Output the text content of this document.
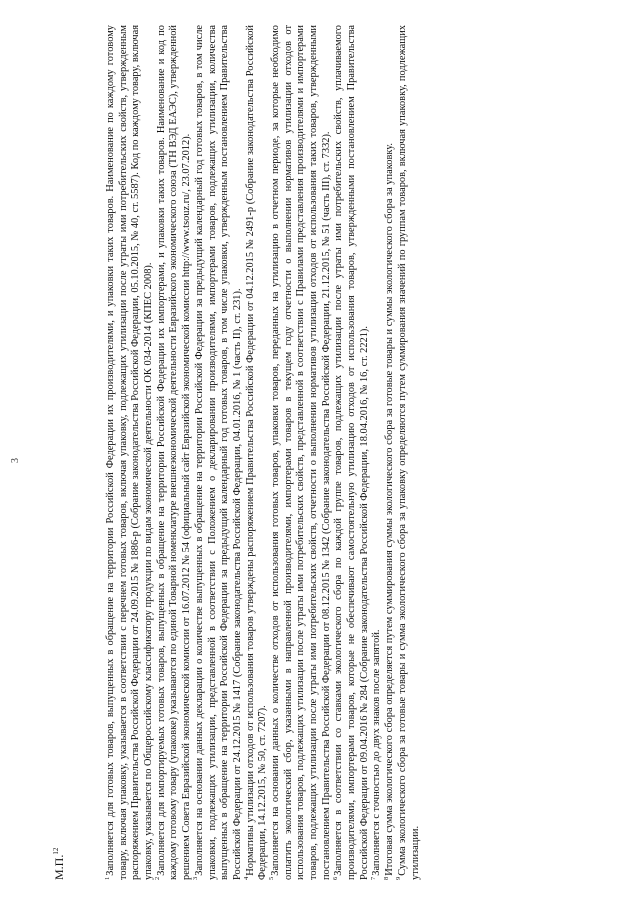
3
М.П.$^{12}$

$^1$Заполняется для готовых товаров, выпущенных в обращение на территории Российской Федерации их производителями, и упаковки таких товаров. Наименование по каждому готовому товару, включая упаковку, указывается в соответствии с перечнем готовых товаров, включая упаковку, подлежащих утилизации после утраты ими потребительских свойств, утвержденным распоряжением Правительства Российской Федерации от 24.09.2015 № 1886-р (Собрание законодательства Российской Федерации, 05.10.2015, № 40, ст. 5587). Код по каждому товару, включая упаковку, указывается по Общероссийскому классификатору продукции по видам экономической деятельности ОК 034-2014 (КПЕС 2008). $^2$Заполняется для импортируемых готовых товаров, выпущенных в обращение на территории Российской Федерации их импортерами, и упаковки таких товаров. Наименование и код по каждому готовому товару (упаковке) указываются по единой Товарной номенклатуре внешнеэкономической деятельности Евразийского экономического союза (ТН ВЭД ЕАЭС), утвержденной решением Совета Евразийской экономической комиссии от 16.07.2012 № 54 (официальный сайт Евразийской экономической комиссии http://www.tsouz.ru/, 23.07.2012). $^3$Заполняется на основании данных декларации о количестве выпущенных в обращение на территории Российской Федерации за предыдущий календарный год готовых товаров, в том числе упаковки, подлежащих утилизации, представленной в соответствии с Положением о декларировании производителями, импортерами товаров, подлежащих утилизации, количества выпущенных в обращение на территории Российской Федерации за предыдущий календарный год готовых товаров, в том числе упаковки, утвержденным постановлением Правительства Российской Федерации от 24.12.2015 № 1417 (Собрание законодательства Российской Федерации, 04.01.2016, № 1 (часть II), ст. 231). $^4$Нормативы утилизации отходов от использования товаров утверждены распоряжением Правительства Российской Федерации от 04.12.2015 № 2491-р (Собрание законодательства Российской Федерации, 14.12.2015, № 50, ст. 7207). $^5$Заполняется на основании данных о количестве отходов от использования готовых товаров, упаковки товаров, переданных на утилизацию в отчетном периоде, за которые необходимо оплатить экологический сбор, указанными в направленной производителями, импортерами товаров в текущем году отчетности о выполнении нормативов утилизации отходов от использования товаров, подлежащих утилизации после утраты ими потребительских свойств, представленной в соответствии с Правилами представления производителями и импортерами товаров, подлежащих утилизации после утраты ими потребительских свойств, отчетности о выполнении нормативов утилизации отходов от использования таких товаров, утвержденными постановлением Правительства Российской Федерации от 08.12.2015 № 1342 (Собрание законодательства Российской Федерации, 21.12.2015, № 51 (часть III), ст. 7332). $^6$Заполняется в соответствии со ставками экологического сбора по каждой группе товаров, подлежащих утилизации после утраты ими потребительских свойств, уплачиваемого производителями, импортерами товаров, которые не обеспечивают самостоятельную утилизацию отходов от использования товаров, утвержденными постановлением Правительства Российской Федерации от 09.04.2016 № 284 (Собрание законодательства Российской Федерации, 18.04.2016, № 16, ст. 2221). $^7$Заполняется с точностью до двух знаков после запятой.

$^8$Итоговая сумма экологического сбора определяется путем суммирования суммы экологического сбора за готовые товары и суммы экологического сбора за упаковку.

$^9$Сумма экологического сбора за готовые товары и сумма экологического сбора за упаковку определяются путем суммирования значений по группам товаров, включая упаковку, подлежащих утилизации.
